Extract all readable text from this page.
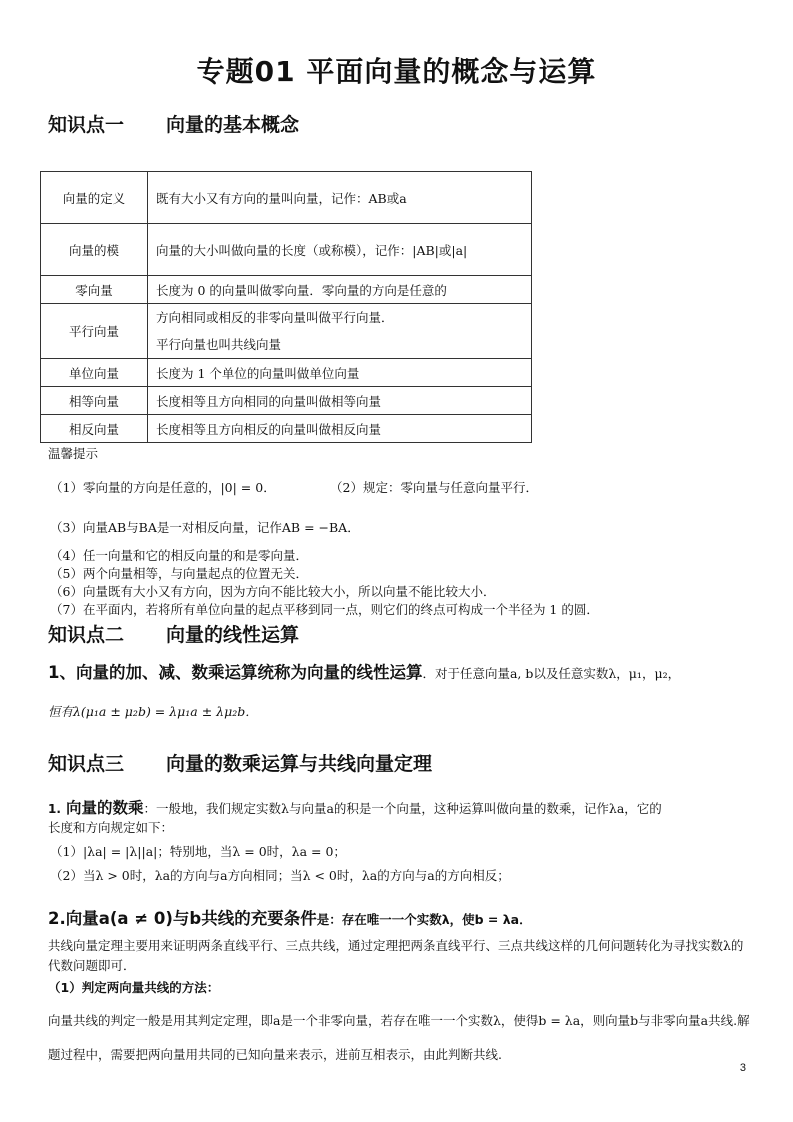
专题01 平面向量的概念与运算
知识点一 向量的基本概念
向量的定义	既有大小又有方向的量叫向量，记作：AB或a
向量的模	向量的大小叫做向量的长度（或称模），记作：|AB|或|a|
零向量	长度为 0 的向量叫做零向量．零向量的方向是任意的
平行向量	方向相同或相反的非零向量叫做平行向量．
平行向量也叫共线向量

单位向量	长度为 1 个单位的向量叫做单位向量
相等向量	长度相等且方向相同的向量叫做相等向量
相反向量	长度相等且方向相反的向量叫做相反向量
温馨提示
（1）零向量的方向是任意的，|0| = 0．	（2）规定：零向量与任意向量平行．
（3）向量AB与BA是一对相反向量，记作AB = −BA．
（4）任一向量和它的相反向量的和是零向量．
（5）两个向量相等，与向量起点的位置无关．
（6）向量既有大小又有方向，因为方向不能比较大小，所以向量不能比较大小．
（7）在平面内，若将所有单位向量的起点平移到同一点，则它们的终点可构成一个半径为 1 的圆．
知识点二 向量的线性运算
1、向量的加、减、数乘运算统称为向量的线性运算．对于任意向量a, b以及任意实数λ，μ₁，μ₂，
恒有λ(μ₁a ± μ₂b) = λμ₁a ± λμ₂b．
知识点三 向量的数乘运算与共线向量定理
1. 向量的数乘：一般地，我们规定实数λ与向量a的积是一个向量，这种运算叫做向量的数乘，记作λa，它的
长度和方向规定如下：
（1）|λa| = |λ||a|；特别地，当λ = 0时，λa = 0；
（2）当λ > 0时，λa的方向与a方向相同；当λ < 0时，λa的方向与a的方向相反；
2.向量a(a ≠ 0)与b共线的充要条件是：存在唯一一个实数λ，使b = λa．
共线向量定理主要用来证明两条直线平行、三点共线，通过定理把两条直线平行、三点共线这样的几何问题转化为寻找实数λ的代数问题即可．
（1）判定两向量共线的方法：
向量共线的判定一般是用其判定定理，即a是一个非零向量，若存在唯一一个实数λ，使得b = λa，则向量b与非零向量a共线.解题过程中，需要把两向量用共同的已知向量来表示，进前互相表示，由此判断共线.
3
